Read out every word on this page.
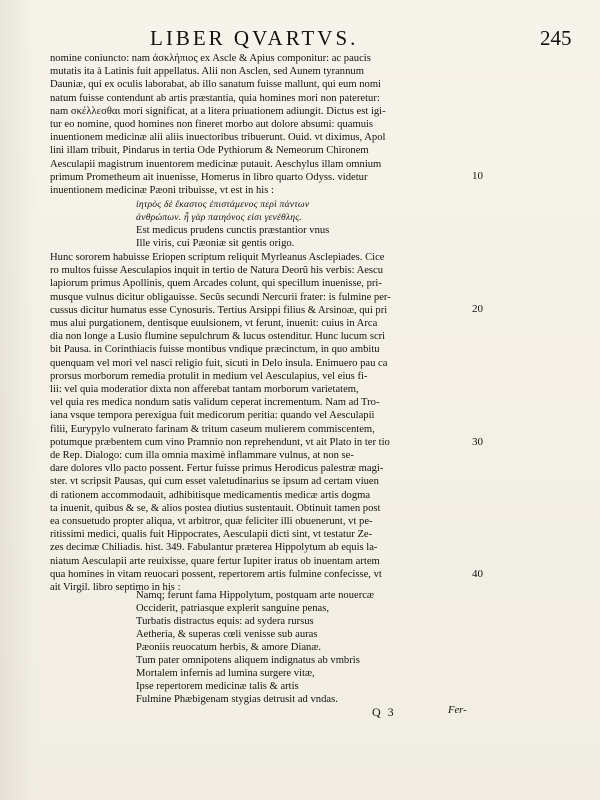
LIBER QVARTVS.	245
nomine coniuncto: nam ἀσκλήπιος ex Ascle & Apius componitur: ac paucis
mutatis ita à Latinis fuit appellatus. Alii non Asclen, sed Aunem tyrannum
Dauniæ, qui ex oculis laborabat, ab illo sanatum fuisse mallunt, qui eum nomi
natum fuisse contendunt ab artis præstantia, quia homines mori non pateretur:
nam σκέλλεσθαι mori significat, at a litera priuationem adiungit. Dictus est igi-
tur eo nomine, quod homines non fineret morbo aut dolore absumi: quamuis
inuentionem medicinæ alii aliis inuectoribus tribuerunt. Ouid. vt diximus, Apol
lini illam tribuit, Pindarus in tertia Ode Pythiorum & Nemeorum Chironem
Aesculapii magistrum inuentorem medicinæ putauit. Aeschylus illam omnium
primum Prometheum ait inuenisse, Homerus in libro quarto Odyss. videtur
inuentionem medicinæ Pæoni tribuisse, vt est in his :
ἰητρὸς δὲ ἕκαστος ἐπιστάμενος περὶ πάντων
ἀνθρώπων. ἦ γὰρ παιηόνος εἰσι γενέθλης.
Est medicus prudens cunctis præstantior vnus
Ille viris, cui Pæoniæ sit gentis origo.
Hunc sororem habuisse Eriopen scriptum reliquit Myrleanus Asclepiades. Cice
ro multos fuisse Aesculapios inquit in tertio de Natura Deorũ his verbis: Aescu
lapiorum primus Apollinis, quem Arcades colunt, qui specillum inuenisse, pri-
musque vulnus dicitur obligauisse. Secũs secundi Nercurii frater: is fulmine per-
cussus dicitur humatus esse Cynosuris. Tertius Arsippi filius & Arsinoæ, qui pri
mus alui purgationem, dentisque euulsionem, vt ferunt, inuenit: cuius in Arca
dia non longe a Lusio flumine sepulchrum & lucus ostenditur. Hunc lucum scri
bit Pausa. in Corinthiacis fuisse montibus vndique præcinctum, in quo ambitu
quenquam vel mori vel nasci religio fuit, sicuti in Delo insula. Enimuero pau ca
prorsus morborum remedia protulit in medium vel Aesculapius, vel eius fi-
lii: vel quia moderatior dixta non afferebat tantam morborum varietatem,
vel quia res medica nondum satis validum ceperat incrementum. Nam ad Tro-
iana vsque tempora perexigua fuit medicorum peritia: quando vel Aesculapii
filii, Eurypylo vulnerato farinam & tritum caseum mulierem commiscentem,
potumque præbentem cum vino Pramnio non reprehendunt, vt ait Plato in ter tio
de Rep. Dialogo: cum illa omnia maximè inflammare vulnus, at non se-
dare dolores vllo pacto possent. Fertur fuisse primus Herodicus palestræ magi-
ster. vt scripsit Pausas, qui cum esset valetudinarius se ipsum ad certam viuen
di rationem accommodauit, adhibitisque medicamentis medicæ artis dogma
ta inuenit, quibus & se, & alios postea diutius sustentauit. Obtinuit tamen post
ea consuetudo propter aliqua, vt arbitror, quæ feliciter illi obuenerunt, vt pe-
ritissimi medici, qualis fuit Hippocrates, Aesculapii dicti sint, vt testatur Ze-
zes decimæ Chiliadis. hist. 349. Fabulantur præterea Hippolytum ab equis la-
niatum Aesculapii arte reuixisse, quare fertur Iupiter iratus ob inuentam artem
qua homines in vitam reuocari possent, repertorem artis fulmine confecisse, vt
ait Virgil. libro septimo in his :
Namq; ferunt fama Hippolytum, postquam arte nouercæ
Occiderit, patriasque explerit sanguine penas,
Turbatis distractus equis: ad sydera rursus
Aetheria, & superas cœli venisse sub auras
Pæoniis reuocatum herbis, & amore Dianæ.
Tum pater omnipotens aliquem indignatus ab vmbris
Mortalem infernis ad lumina surgere vitæ,
Ipse repertorem medicinæ talis & artis
Fulmine Phæbigenam stygias detrusit ad vndas.
10
20
30
40
Q 3	Fer-
